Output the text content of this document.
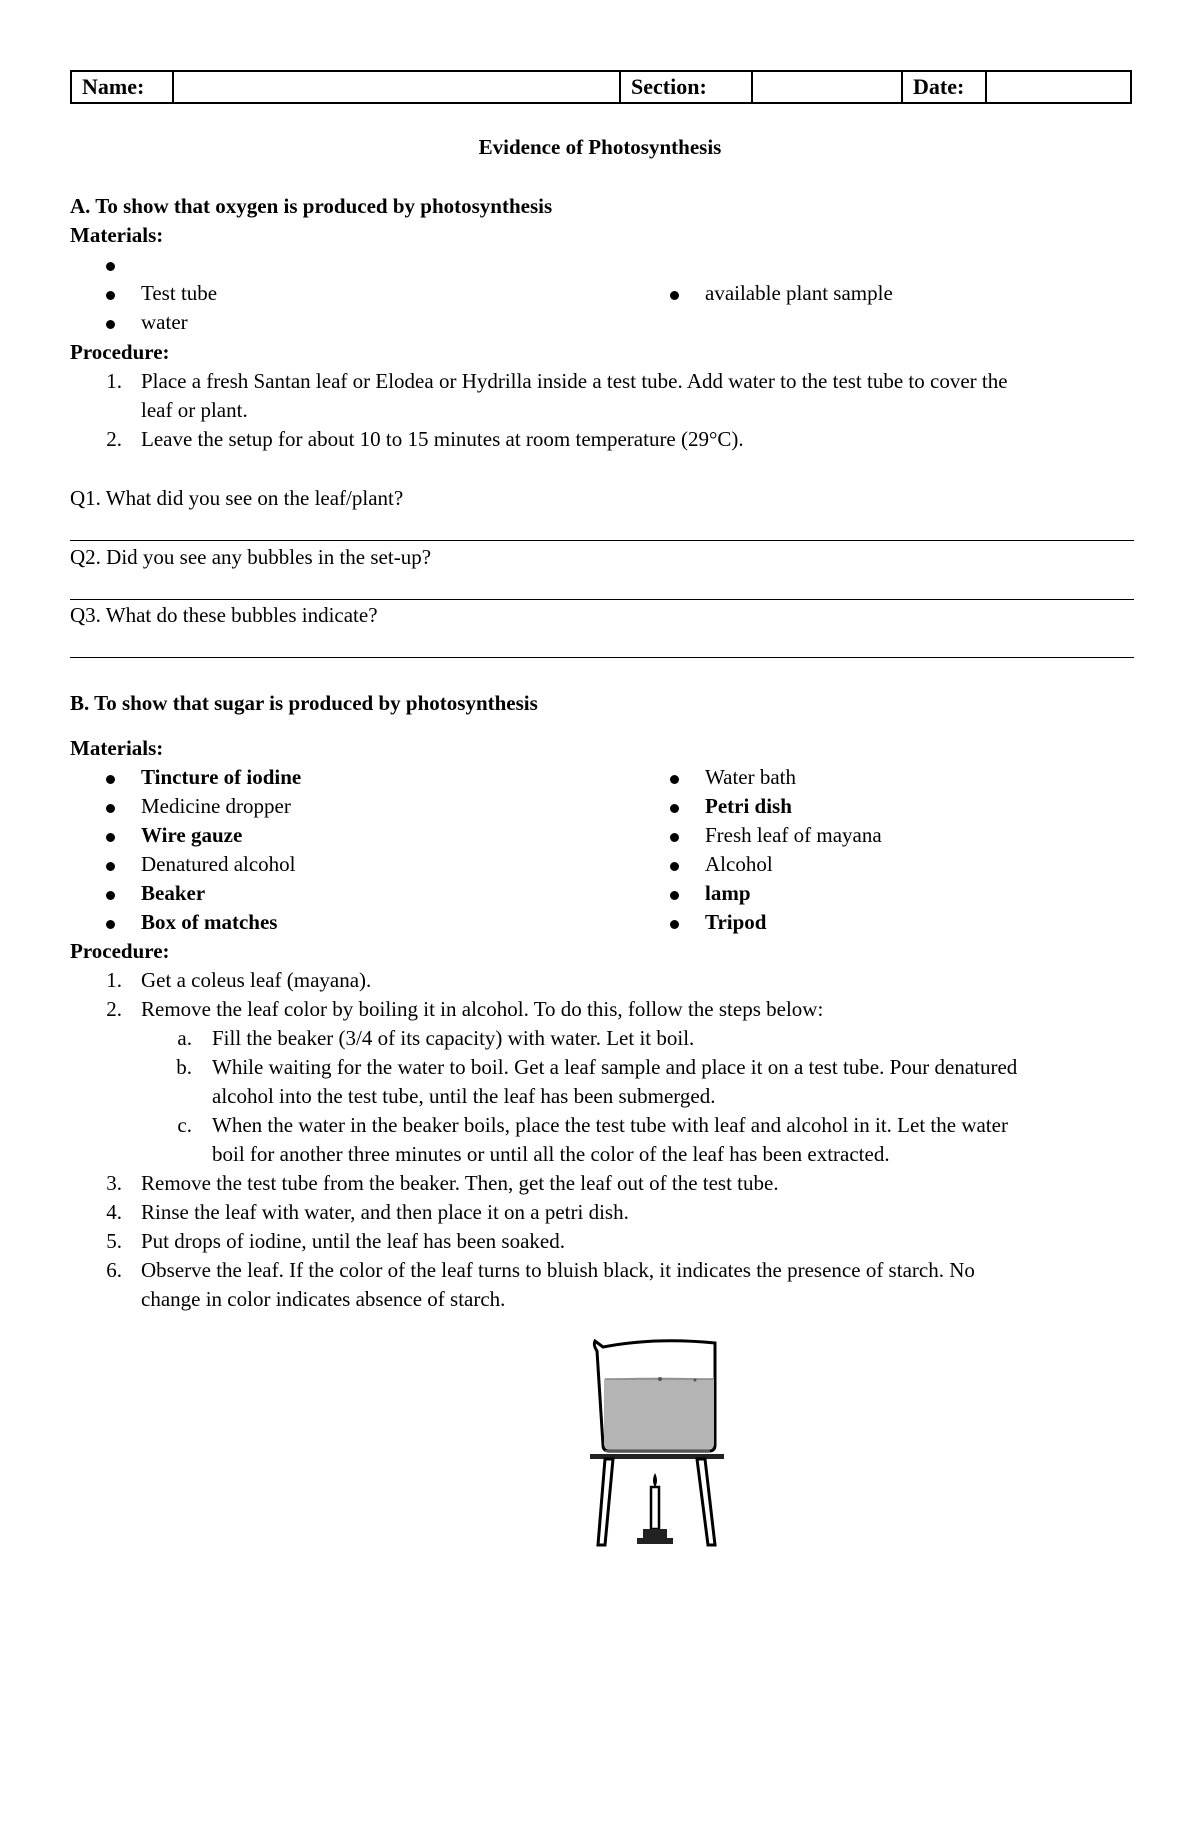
Name:		Section:		Date:	
Evidence of Photosynthesis
A. To show that oxygen is produced by photosynthesis
Materials:
Test tube
water
available plant sample
Procedure:
1. Place a fresh Santan leaf or Elodea or Hydrilla inside a test tube. Add water to the test tube to cover the
leaf or plant.
2. Leave the setup for about 10 to 15 minutes at room temperature (29°C).
Q1. What did you see on the leaf/plant?
Q2. Did you see any bubbles in the set-up?
Q3. What do these bubbles indicate?
B. To show that sugar is produced by photosynthesis
Materials:
Tincture of iodine
Medicine dropper
Wire gauze
Denatured alcohol
Beaker
Box of matches
Water bath
Petri dish
Fresh leaf of mayana
Alcohol
lamp
Tripod
Procedure:
1. Get a coleus leaf (mayana).
2. Remove the leaf color by boiling it in alcohol. To do this, follow the steps below:
a. Fill the beaker (3/4 of its capacity) with water. Let it boil.
b. While waiting for the water to boil. Get a leaf sample and place it on a test tube. Pour denatured
alcohol into the test tube, until the leaf has been submerged.
c. When the water in the beaker boils, place the test tube with leaf and alcohol in it. Let the water
boil for another three minutes or until all the color of the leaf has been extracted.
3. Remove the test tube from the beaker. Then, get the leaf out of the test tube.
4. Rinse the leaf with water, and then place it on a petri dish.
5. Put drops of iodine, until the leaf has been soaked.
6. Observe the leaf. If the color of the leaf turns to bluish black, it indicates the presence of starch. No
change in color indicates absence of starch.
